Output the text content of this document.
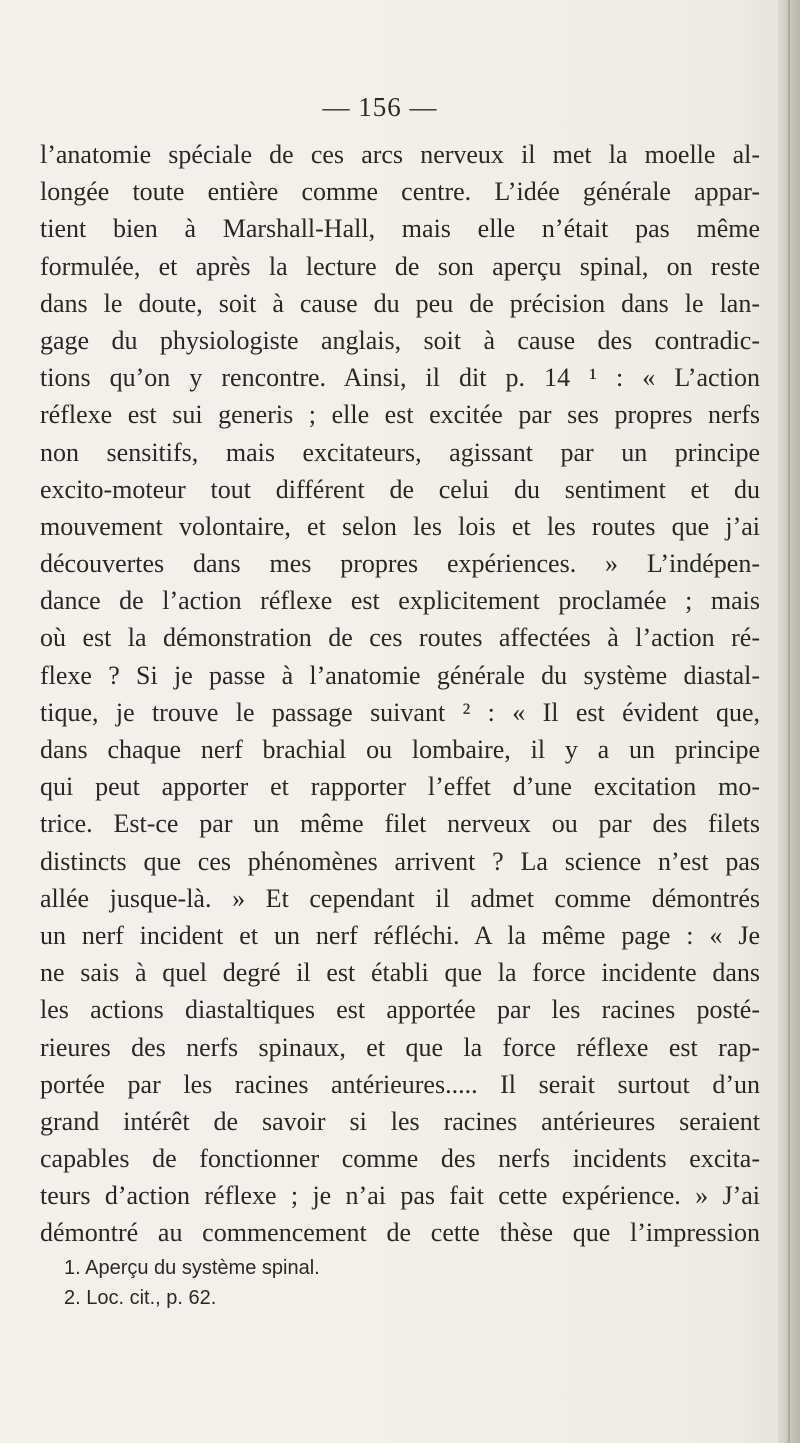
— 156 —
l’anatomie spéciale de ces arcs nerveux il met la moelle al-
longée toute entière comme centre. L’idée générale appar-
tient bien à Marshall-Hall, mais elle n’était pas même
formulée, et après la lecture de son aperçu spinal, on reste
dans le doute, soit à cause du peu de précision dans le lan-
gage du physiologiste anglais, soit à cause des contradic-
tions qu’on y rencontre. Ainsi, il dit p. 14 ¹ : « L’action
réflexe est sui generis ; elle est excitée par ses propres nerfs
non sensitifs, mais excitateurs, agissant par un principe
excito-moteur tout différent de celui du sentiment et du
mouvement volontaire, et selon les lois et les routes que j’ai
découvertes dans mes propres expériences. » L’indépen-
dance de l’action réflexe est explicitement proclamée ; mais
où est la démonstration de ces routes affectées à l’action ré-
flexe ? Si je passe à l’anatomie générale du système diastal-
tique, je trouve le passage suivant ² : « Il est évident que,
dans chaque nerf brachial ou lombaire, il y a un principe
qui peut apporter et rapporter l’effet d’une excitation mo-
trice. Est-ce par un même filet nerveux ou par des filets
distincts que ces phénomènes arrivent ? La science n’est pas
allée jusque-là. » Et cependant il admet comme démontrés
un nerf incident et un nerf réfléchi. A la même page : « Je
ne sais à quel degré il est établi que la force incidente dans
les actions diastaltiques est apportée par les racines posté-
rieures des nerfs spinaux, et que la force réflexe est rap-
portée par les racines antérieures..... Il serait surtout d’un
grand intérêt de savoir si les racines antérieures seraient
capables de fonctionner comme des nerfs incidents excita-
teurs d’action réflexe ; je n’ai pas fait cette expérience. » J’ai
démontré au commencement de cette thèse que l’impression
1. Aperçu du système spinal.
2. Loc. cit., p. 62.
